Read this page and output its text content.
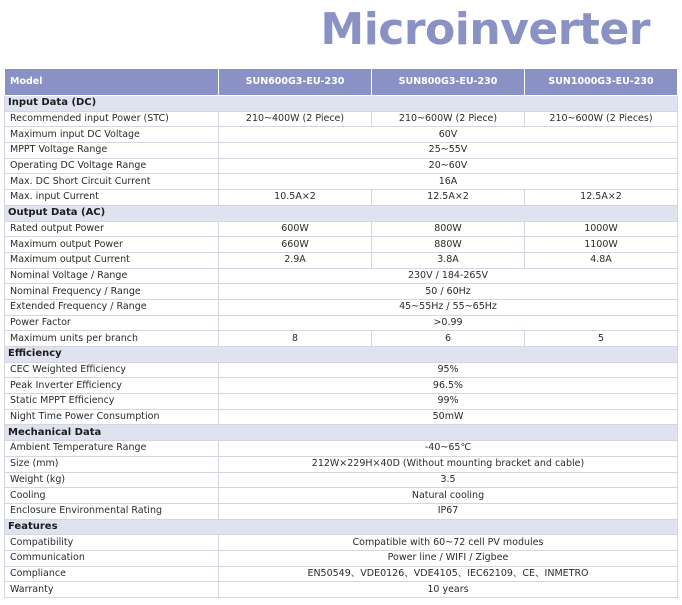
Microinverter
Model	SUN600G3-EU-230	SUN800G3-EU-230	SUN1000G3-EU-230
Input Data (DC)			
Recommended input Power (STC)	210~400W (2 Piece)	210~600W (2 Piece)	210~600W (2 Pieces)
Maximum input DC Voltage	60V		
MPPT Voltage Range	25~55V		
Operating DC Voltage Range	20~60V		
Max. DC Short Circuit Current	16A		
Max. input Current	10.5A×2	12.5A×2	12.5A×2
Output Data (AC)			
Rated output Power	600W	800W	1000W
Maximum output Power	660W	880W	1100W
Maximum output Current	2.9A	3.8A	4.8A
Nominal Voltage / Range	230V / 184-265V		
Nominal Frequency / Range	50 / 60Hz		
Extended Frequency / Range	45~55Hz / 55~65Hz		
Power Factor	>0.99		
Maximum units per branch	8	6	5
Efficiency			
CEC Weighted Efficiency	95%		
Peak Inverter Efficiency	96.5%		
Static MPPT Efficiency	99%		
Night Time Power Consumption	50mW		
Mechanical Data			
Ambient Temperature Range	-40~65℃		
Size (mm)	212W×229H×40D (Without mounting bracket and cable)		
Weight (kg)	3.5		
Cooling	Natural cooling		
Enclosure Environmental Rating	IP67		
Features			
Compatibility	Compatible with 60~72 cell PV modules		
Communication	Power line / WIFI / Zigbee		
Compliance	EN50549、VDE0126、VDE4105、IEC62109、CE、INMETRO		
Warranty	10 years		
